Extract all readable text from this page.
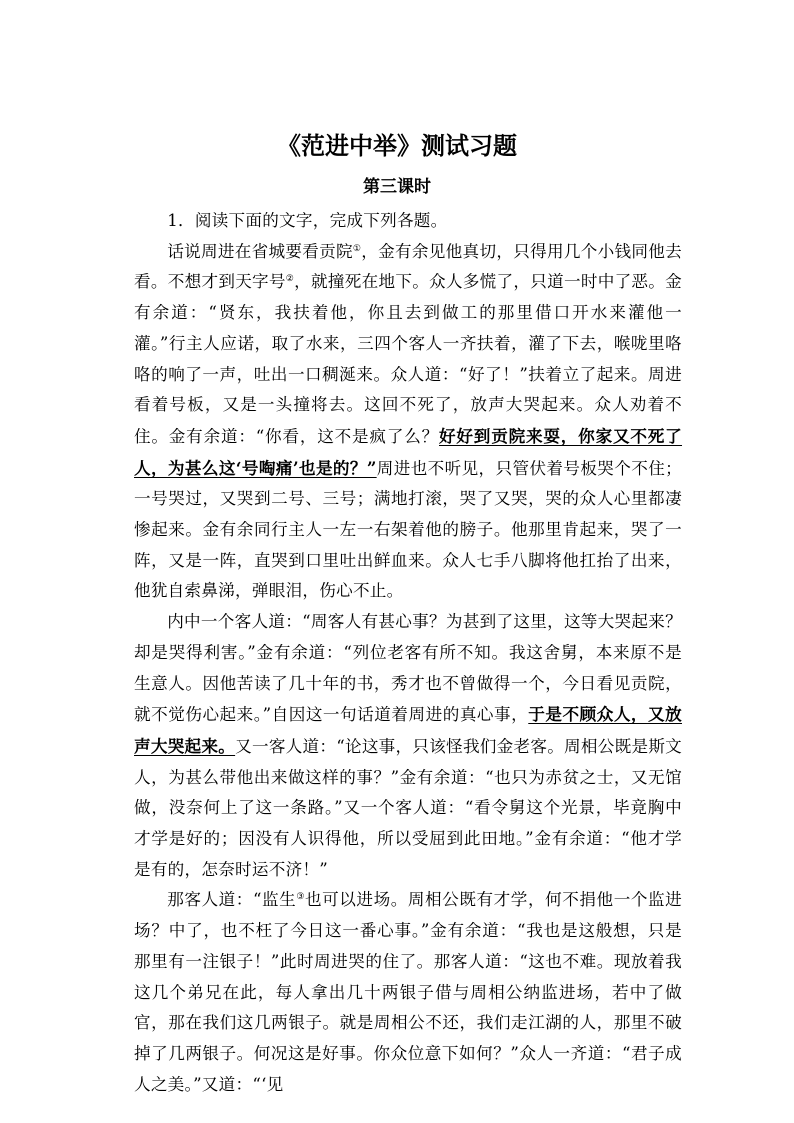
《范进中举》测试习题
第三课时

1．阅读下面的文字，完成下列各题。

话说周进在省城要看贡院①，金有余见他真切，只得用几个小钱同他去看。不想才到天字号②，就撞死在地下。众人多慌了，只道一时中了恶。金有余道：“贤东，我扶着他，你且去到做工的那里借口开水来灌他一灌。”行主人应诺，取了水来，三四个客人一齐扶着，灌了下去，喉咙里咯咯的响了一声，吐出一口稠涎来。众人道：“好了！”扶着立了起来。周进看着号板，又是一头撞将去。这回不死了，放声大哭起来。众人劝着不住。金有余道：“你看，这不是疯了么？好好到贡院来耍，你家又不死了人，为甚么这‘号啕痛’也是的？”周进也不听见，只管伏着号板哭个不住；一号哭过，又哭到二号、三号；满地打滚，哭了又哭，哭的众人心里都凄惨起来。金有余同行主人一左一右架着他的膀子。他那里肯起来，哭了一阵，又是一阵，直哭到口里吐出鲜血来。众人七手八脚将他扛抬了出来，他犹自索鼻涕，弹眼泪，伤心不止。

内中一个客人道：“周客人有甚心事？为甚到了这里，这等大哭起来？却是哭得利害。”金有余道：“列位老客有所不知。我这舍舅，本来原不是生意人。因他苦读了几十年的书，秀才也不曾做得一个，今日看见贡院，就不觉伤心起来。”自因这一句话道着周进的真心事，于是不顾众人，又放声大哭起来。又一客人道：“论这事，只该怪我们金老客。周相公既是斯文人，为甚么带他出来做这样的事？”金有余道：“也只为赤贫之士，又无馆做，没奈何上了这一条路。”又一个客人道：“看令舅这个光景，毕竟胸中才学是好的；因没有人识得他，所以受屈到此田地。”金有余道：“他才学是有的，怎奈时运不济！”

那客人道：“监生③也可以进场。周相公既有才学，何不捐他一个监进场？中了，也不枉了今日这一番心事。”金有余道：“我也是这般想，只是那里有一注银子！”此时周进哭的住了。那客人道：“这也不难。现放着我这几个弟兄在此，每人拿出几十两银子借与周相公纳监进场，若中了做官，那在我们这几两银子。就是周相公不还，我们走江湖的人，那里不破掉了几两银子。何况这是好事。你众位意下如何？”众人一齐道：“君子成人之美。”又道：“‘见
